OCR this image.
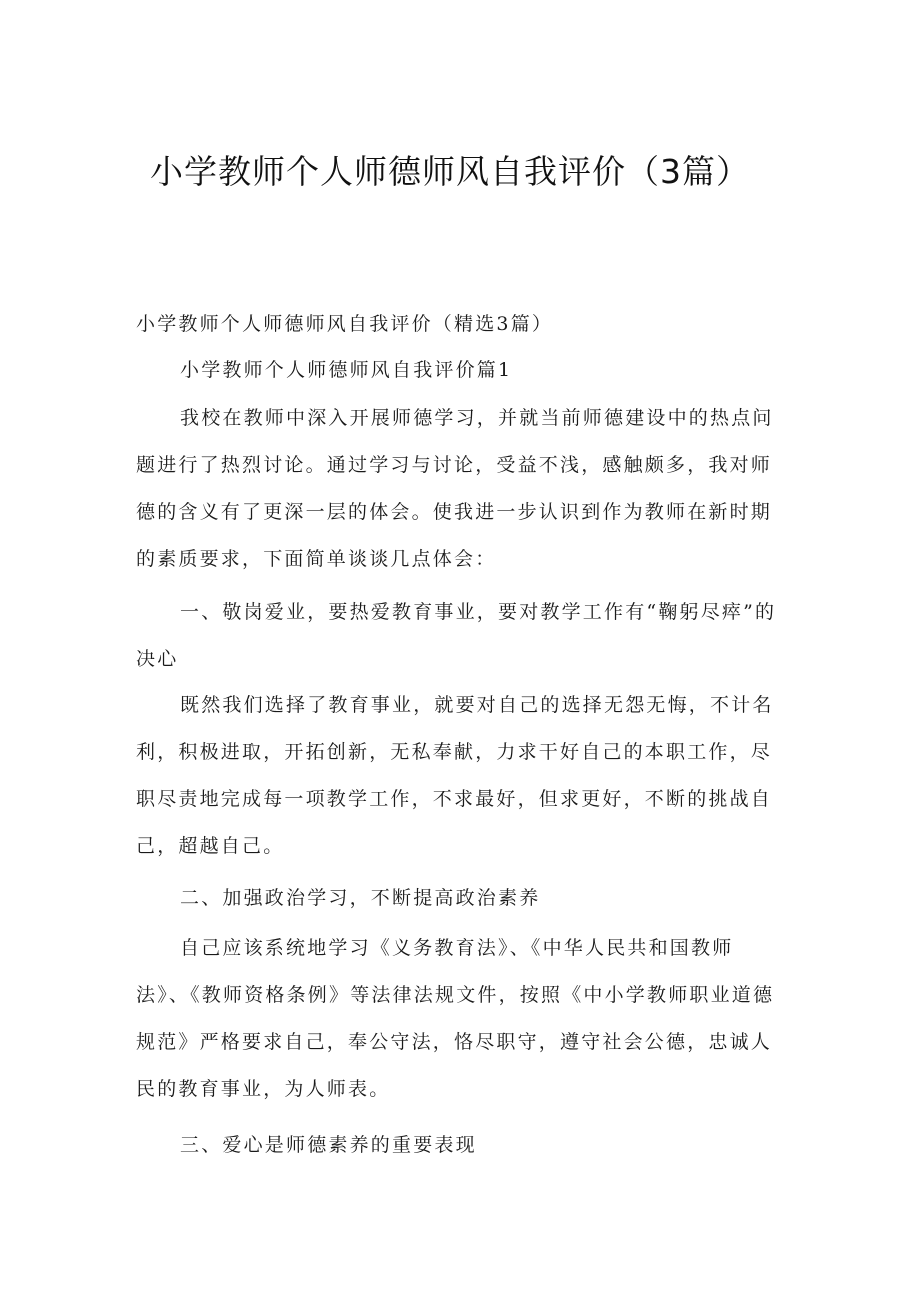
小学教师个人师德师风自我评价（3篇）

小学教师个人师德师风自我评价（精选3篇）

小学教师个人师德师风自我评价篇1

我校在教师中深入开展师德学习，并就当前师德建设中的热点问题进行了热烈讨论。通过学习与讨论，受益不浅，感触颇多，我对师德的含义有了更深一层的体会。使我进一步认识到作为教师在新时期的素质要求，下面简单谈谈几点体会：

一、敬岗爱业，要热爱教育事业，要对教学工作有“鞠躬尽瘁”的决心

既然我们选择了教育事业，就要对自己的选择无怨无悔，不计名利，积极进取，开拓创新，无私奉献，力求干好自己的本职工作，尽职尽责地完成每一项教学工作，不求最好，但求更好，不断的挑战自己，超越自己。

二、加强政治学习，不断提高政治素养

自己应该系统地学习《义务教育法》、《中华人民共和国教师法》、《教师资格条例》等法律法规文件，按照《中小学教师职业道德规范》严格要求自己，奉公守法，恪尽职守，遵守社会公德，忠诚人民的教育事业，为人师表。

三、爱心是师德素养的重要表现
